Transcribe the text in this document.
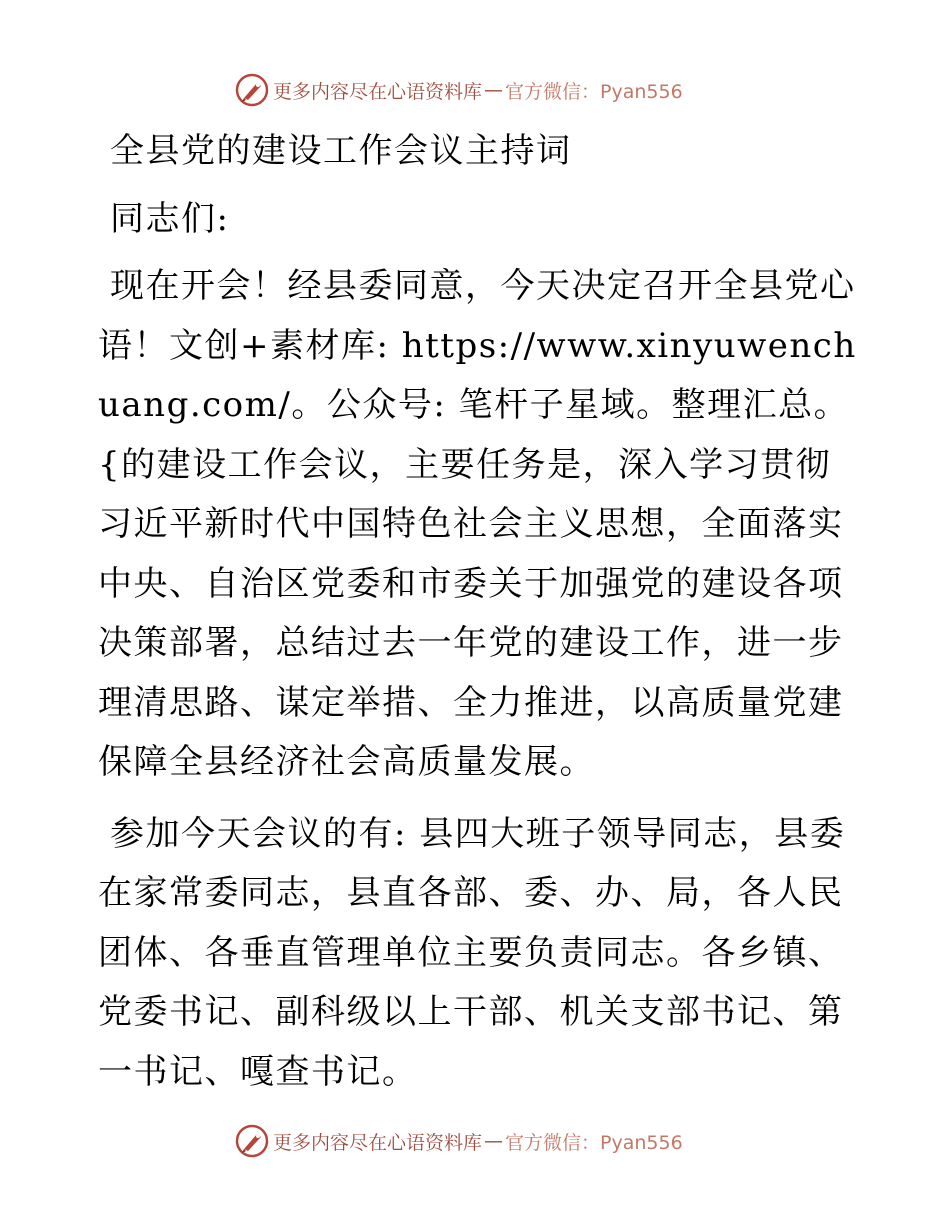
更多内容尽在心语资料库 — 官方微信：Pyan556

全县党的建设工作会议主持词

同志们:

现在开会！经县委同意，今天决定召开全县党心语！文创+素材库: https://www.xinyuwenchuang.com/。公众号: 笔杆子星域。整理汇总。{的建设工作会议，主要任务是，深入学习贯彻习近平新时代中国特色社会主义思想，全面落实中央、自治区党委和市委关于加强党的建设各项决策部署，总结过去一年党的建设工作，进一步理清思路、谋定举措、全力推进，以高质量党建保障全县经济社会高质量发展。

参加今天会议的有: 县四大班子领导同志，县委在家常委同志，县直各部、委、办、局，各人民团体、各垂直管理单位主要负责同志。各乡镇、党委书记、副科级以上干部、机关支部书记、第一书记、嘎查书记。

更多内容尽在心语资料库 — 官方微信：Pyan556
